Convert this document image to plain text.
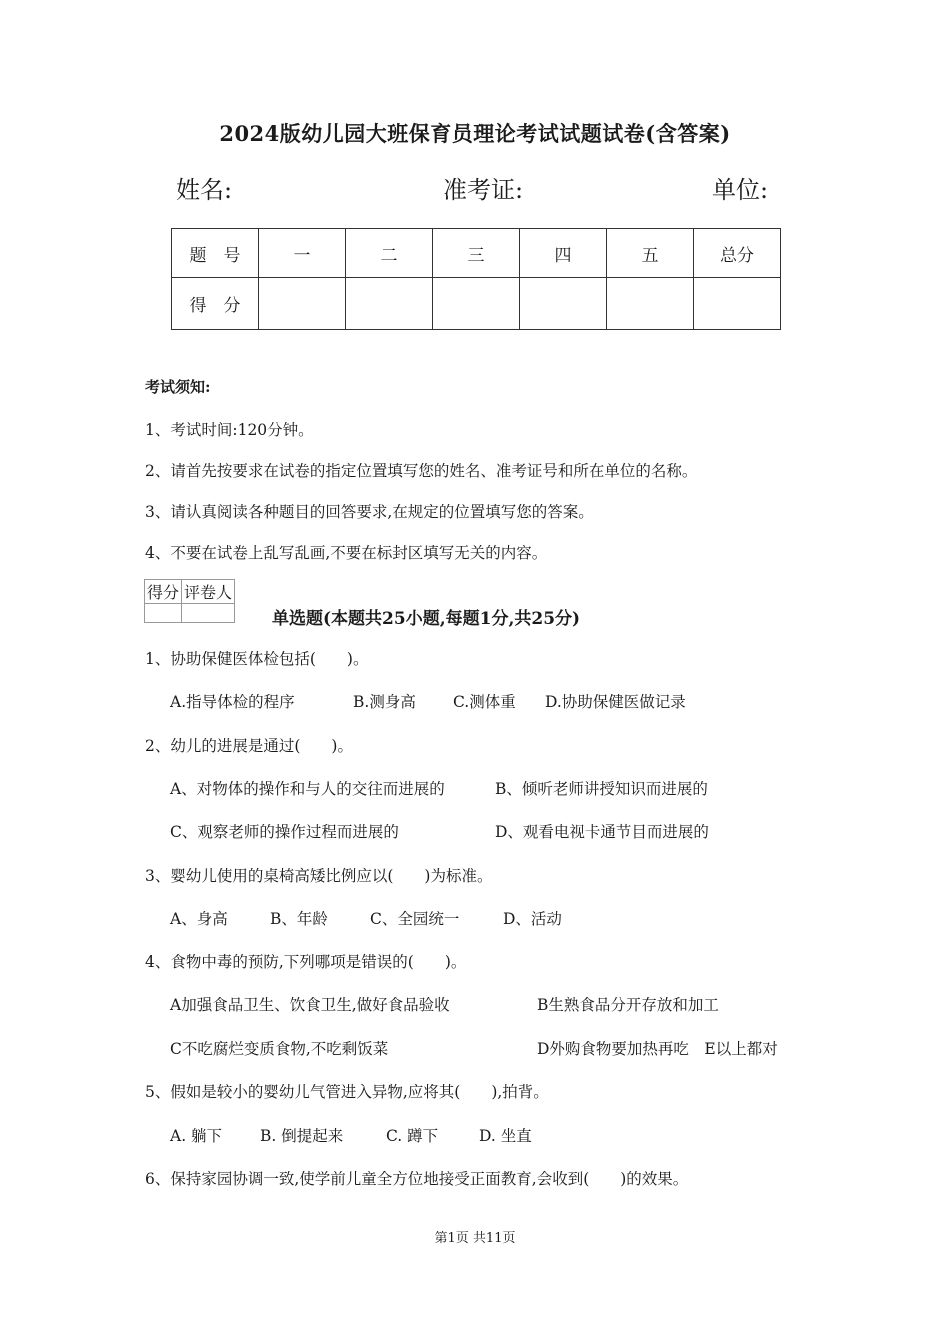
2024版幼儿园大班保育员理论考试试题试卷(含答案)
姓名:	准考证:	单位:
题　号	一	二	三	四	五	总分
得　分						
考试须知:
1、考试时间:120分钟。
2、请首先按要求在试卷的指定位置填写您的姓名、准考证号和所在单位的名称。
3、请认真阅读各种题目的回答要求,在规定的位置填写您的答案。
4、不要在试卷上乱写乱画,不要在标封区填写无关的内容。
得分	评卷人

单选题(本题共25小题,每题1分,共25分)
1、协助保健医体检包括(　　)。
A.指导体检的程序	B.测身高 C.测体重 D.协助保健医做记录
2、幼儿的进展是通过(　　)。
A、对物体的操作和与人的交往而进展的	B、倾听老师讲授知识而进展的
C、观察老师的操作过程而进展的	D、观看电视卡通节目而进展的
3、婴幼儿使用的桌椅高矮比例应以(　　)为标准。
A、身高	B、年龄	C、全园统一	D、活动
4、食物中毒的预防,下列哪项是错误的(　　)。
A加强食品卫生、饮食卫生,做好食品验收	B生熟食品分开存放和加工
C不吃腐烂变质食物,不吃剩饭菜	D外购食物要加热再吃　E以上都对
5、假如是较小的婴幼儿气管进入异物,应将其(　　),拍背。
A. 躺下 B. 倒提起来	C. 蹲下	D. 坐直
6、保持家园协调一致,使学前儿童全方位地接受正面教育,会收到(　　)的效果。
第1页 共11页
